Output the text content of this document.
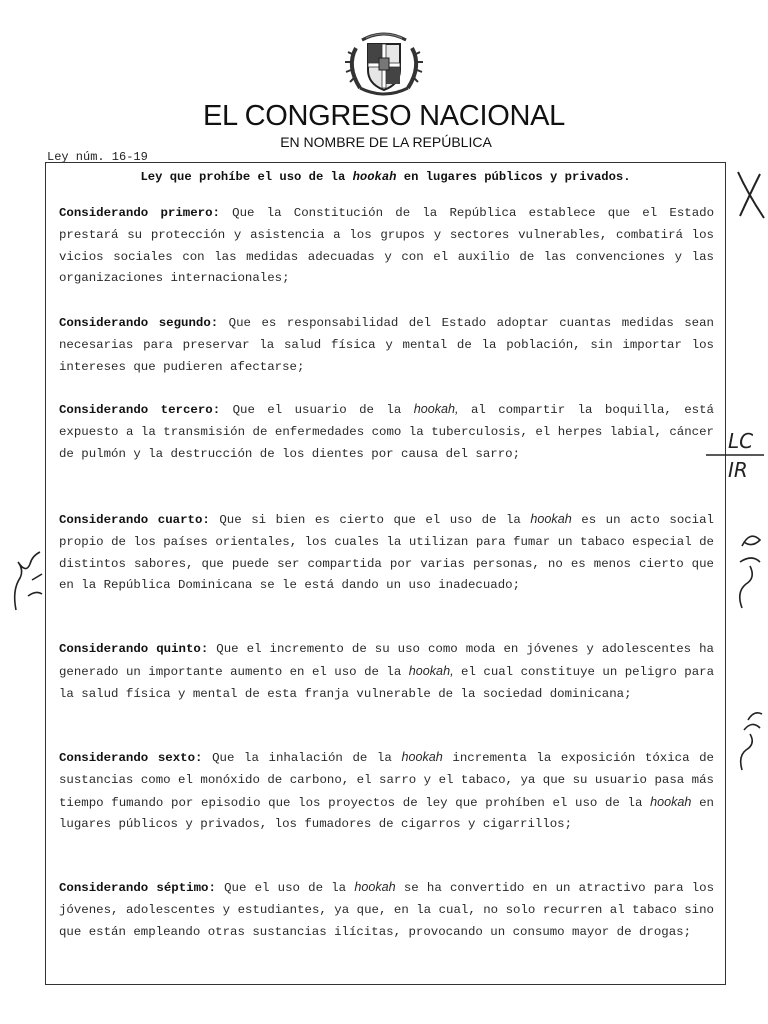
EL CONGRESO NACIONAL
EN NOMBRE DE LA REPÚBLICA
Ley núm. 16-19
Ley que prohíbe el uso de la hookah en lugares públicos y privados.
Considerando primero: Que la Constitución de la República establece que el Estado prestará su protección y asistencia a los grupos y sectores vulnerables, combatirá los vicios sociales con las medidas adecuadas y con el auxilio de las convenciones y las organizaciones internacionales;
Considerando segundo: Que es responsabilidad del Estado adoptar cuantas medidas sean necesarias para preservar la salud física y mental de la población, sin importar los intereses que pudieren afectarse;
Considerando tercero: Que el usuario de la hookah, al compartir la boquilla, está expuesto a la transmisión de enfermedades como la tuberculosis, el herpes labial, cáncer de pulmón y la destrucción de los dientes por causa del sarro;
Considerando cuarto: Que si bien es cierto que el uso de la hookah es un acto social propio de los países orientales, los cuales la utilizan para fumar un tabaco especial de distintos sabores, que puede ser compartida por varias personas, no es menos cierto que en la República Dominicana se le está dando un uso inadecuado;
Considerando quinto: Que el incremento de su uso como moda en jóvenes y adolescentes ha generado un importante aumento en el uso de la hookah, el cual constituye un peligro para la salud física y mental de esta franja vulnerable de la sociedad dominicana;
Considerando sexto: Que la inhalación de la hookah incrementa la exposición tóxica de sustancias como el monóxido de carbono, el sarro y el tabaco, ya que su usuario pasa más tiempo fumando por episodio que los proyectos de ley que prohíben el uso de la hookah en lugares públicos y privados, los fumadores de cigarros y cigarrillos;
Considerando séptimo: Que el uso de la hookah se ha convertido en un atractivo para los jóvenes, adolescentes y estudiantes, ya que, en la cual, no solo recurren al tabaco sino que están empleando otras sustancias ilícitas, provocando un consumo mayor de drogas;
LC
IR
